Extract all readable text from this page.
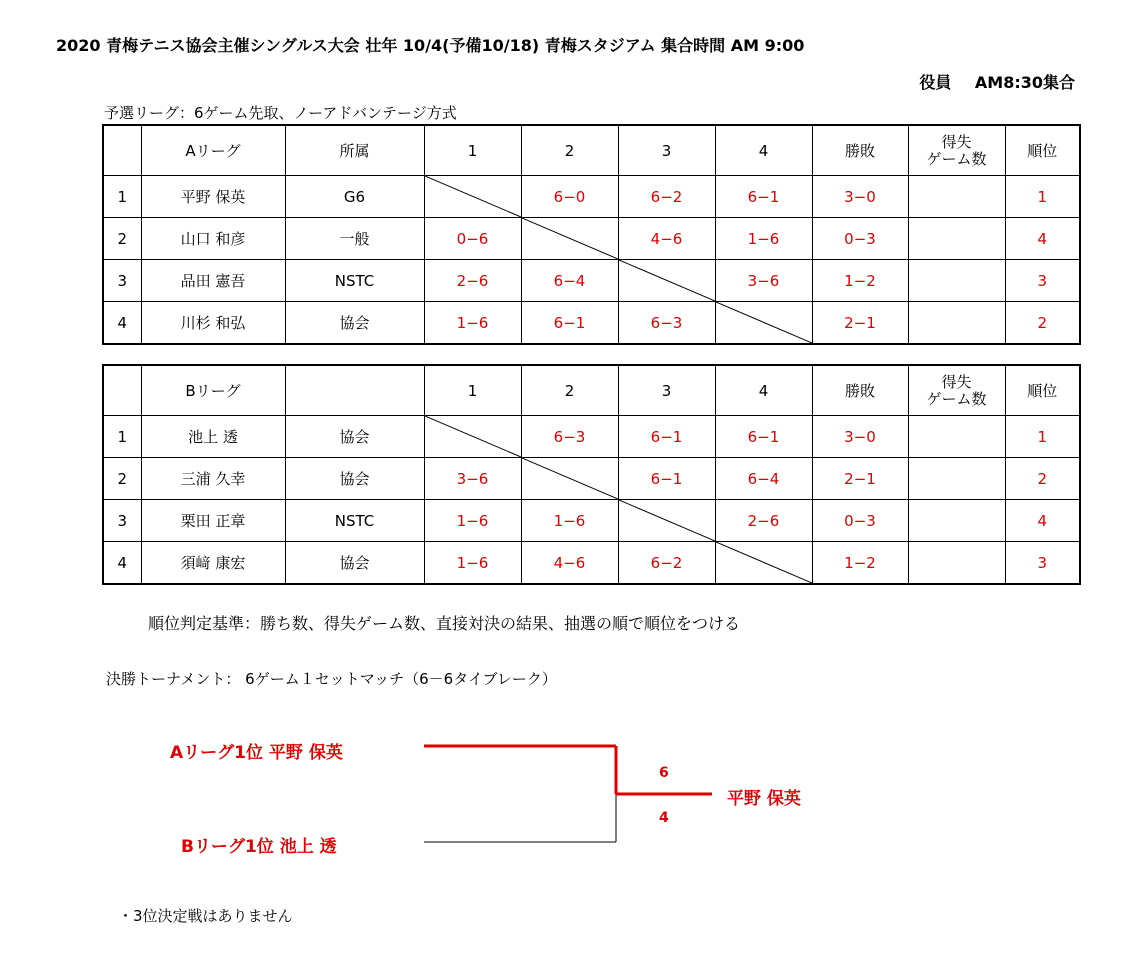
2020 青梅テニス協会主催シングルス大会 壮年 10/4(予備10/18) 青梅スタジアム 集合時間 AM 9:00
役員 AM8:30集合
予選リーグ：6ゲーム先取、ノーアドバンテージ方式
	Aリーグ	所属	1	2	3	4	勝敗	得失
ゲーム数	順位
1	平野 保英	G6		6−0	6−2	6−1	3−0		1
2	山口 和彦	一般	0−6		4−6	1−6	0−3		4
3	品田 憲吾	NSTC	2−6	6−4		3−6	1−2		3
4	川杉 和弘	協会	1−6	6−1	6−3		2−1		2
	Bリーグ		1	2	3	4	勝敗	得失
ゲーム数	順位
1	池上 透	協会		6−3	6−1	6−1	3−0		1
2	三浦 久幸	協会	3−6		6−1	6−4	2−1		2
3	栗田 正章	NSTC	1−6	1−6		2−6	0−3		4
4	須﨑 康宏	協会	1−6	4−6	6−2		1−2		3
順位判定基準：勝ち数、得失ゲーム数、直接対決の結果、抽選の順で順位をつける
決勝トーナメント： 6ゲーム１セットマッチ（6－6タイブレーク）
Aリーグ1位 平野 保英
Bリーグ1位 池上 透
6
4
平野 保英
・3位決定戦はありません
